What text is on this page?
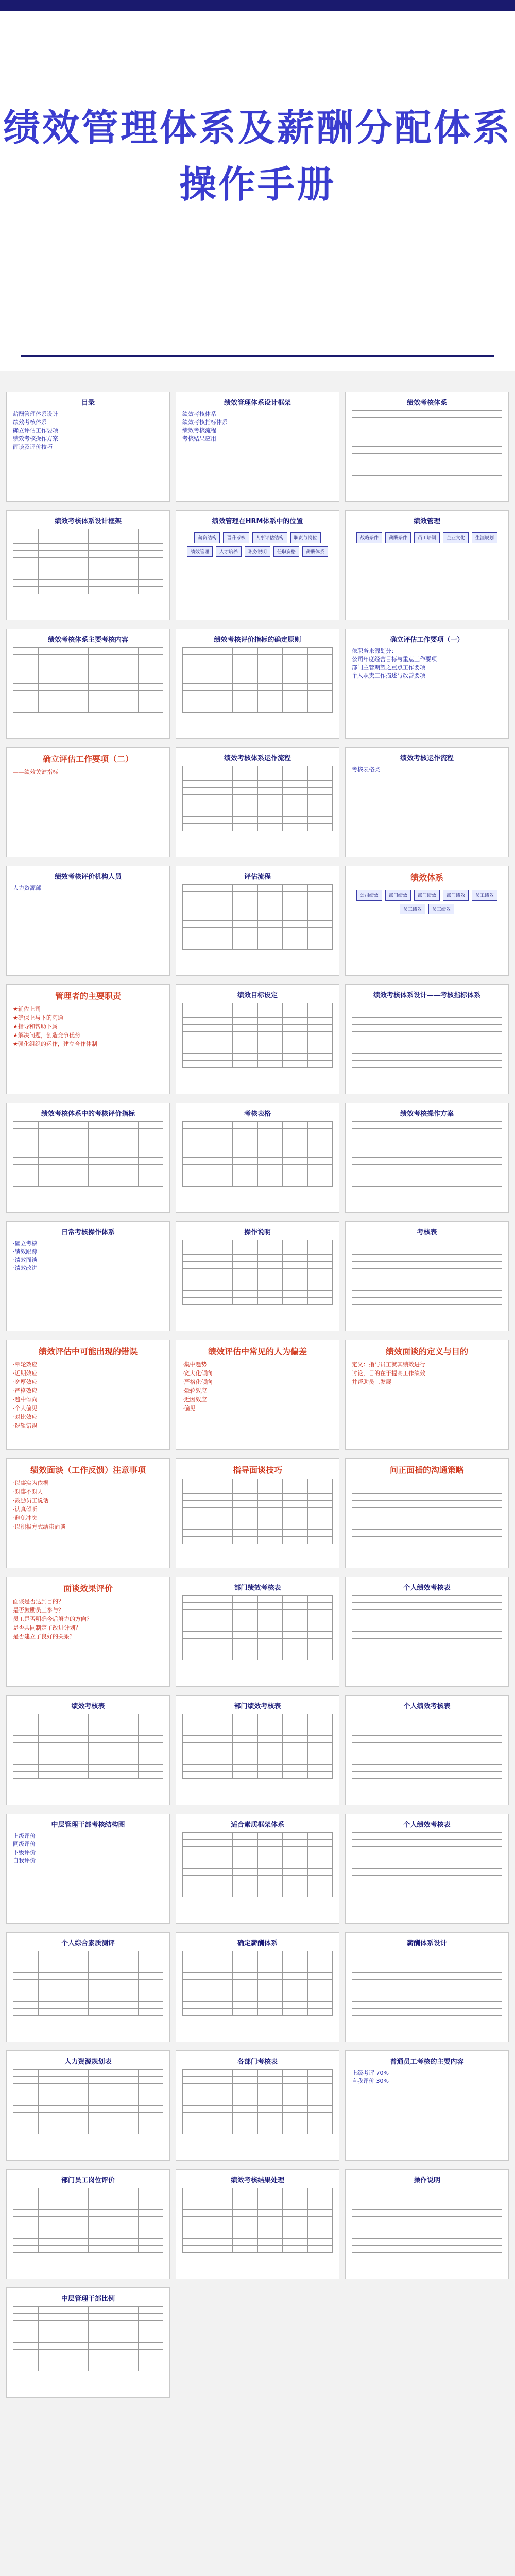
绩效管理体系及薪酬分配体系
操作手册
目录
薪酬管理体系设计
绩效考核体系
确立评估工作要项
绩效考核操作方案
面谈及评价技巧
绩效管理体系设计框架
绩效考核体系
绩效考核指标体系
绩效考核流程
考核结果应用
绩效考核体系

绩效考核体系设计框架

						绩效管理在HRM体系中的位置
薪资结构	晋升考核	人事评估结构	职责与岗位
绩效管理	人才培养	职务说明	任职资格	薪酬体系
绩效管理
战略条件	薪酬条件	员工培训	企业文化	生涯规划
绩效考核体系主要考核内容

						绩效考核评价指标的确定原则

						确立评估工作要项（一）
依职务来源划分：
公司年度经营目标与重点工作要项
部门主管期望之重点工作要项
个人职责工作描述与改善要项
确立评估工作要项（二）
——绩效关键指标
绩效考核体系运作流程

						绩效考核运作流程
考核表格类
绩效考核评价机构人员
人力资源部
评估流程

						绩效体系
公司绩效	部门绩效	部门绩效	部门绩效	员工绩效
员工绩效	员工绩效
管理者的主要职责
★辅佐上司
★确保上与下的沟通
★指导和帮助下属
★解决问题，创造竞争优势
★强化组织的运作，建立合作体制
绩效目标设定

						绩效考核体系设计——考核指标体系

绩效考核体系中的考核评价指标

						考核表格

						绩效考核操作方案

日常考核操作体系
·确立考核
·绩效跟踪
·绩效面谈
·绩效改进
操作说明

						考核表

绩效评估中可能出现的错误
·晕轮效应
·近期效应
·宽厚效应
·严格效应
·趋中倾向
·个人偏见
·对比效应
·逻辑错误
绩效评估中常见的人为偏差
·集中趋势
·宽大化倾向
·严格化倾向
·晕轮效应
·近因效应
·偏见
绩效面谈的定义与目的
定义：指与员工就其绩效进行
讨论，目的在于提高工作绩效
并帮助员工发展
绩效面谈（工作反馈）注意事项
·以事实为依据
·对事不对人
·鼓励员工说话
·认真倾听
·避免冲突
·以积极方式结束面谈
指导面谈技巧

						问正面插的沟通策略

面谈效果评价
面谈是否达到目的？
是否鼓励员工参与？
员工是否明确今后努力的方向？
是否共同制定了改进计划？
是否建立了良好的关系？
部门绩效考核表

						个人绩效考核表

绩效考核表

						部门绩效考核表

						个人绩效考核表

中层管理干部考核结构图
上级评价
同级评价
下级评价
自我评价
适合素质框架体系

						个人绩效考核表

个人综合素质测评

						确定薪酬体系

						薪酬体系设计

人力资源规划表

						各部门考核表

						普通员工考核的主要内容
上级考评 70%
自我评价 30%
部门员工岗位评价

						绩效考核结果处理

						操作说明

中层管理干部比例
